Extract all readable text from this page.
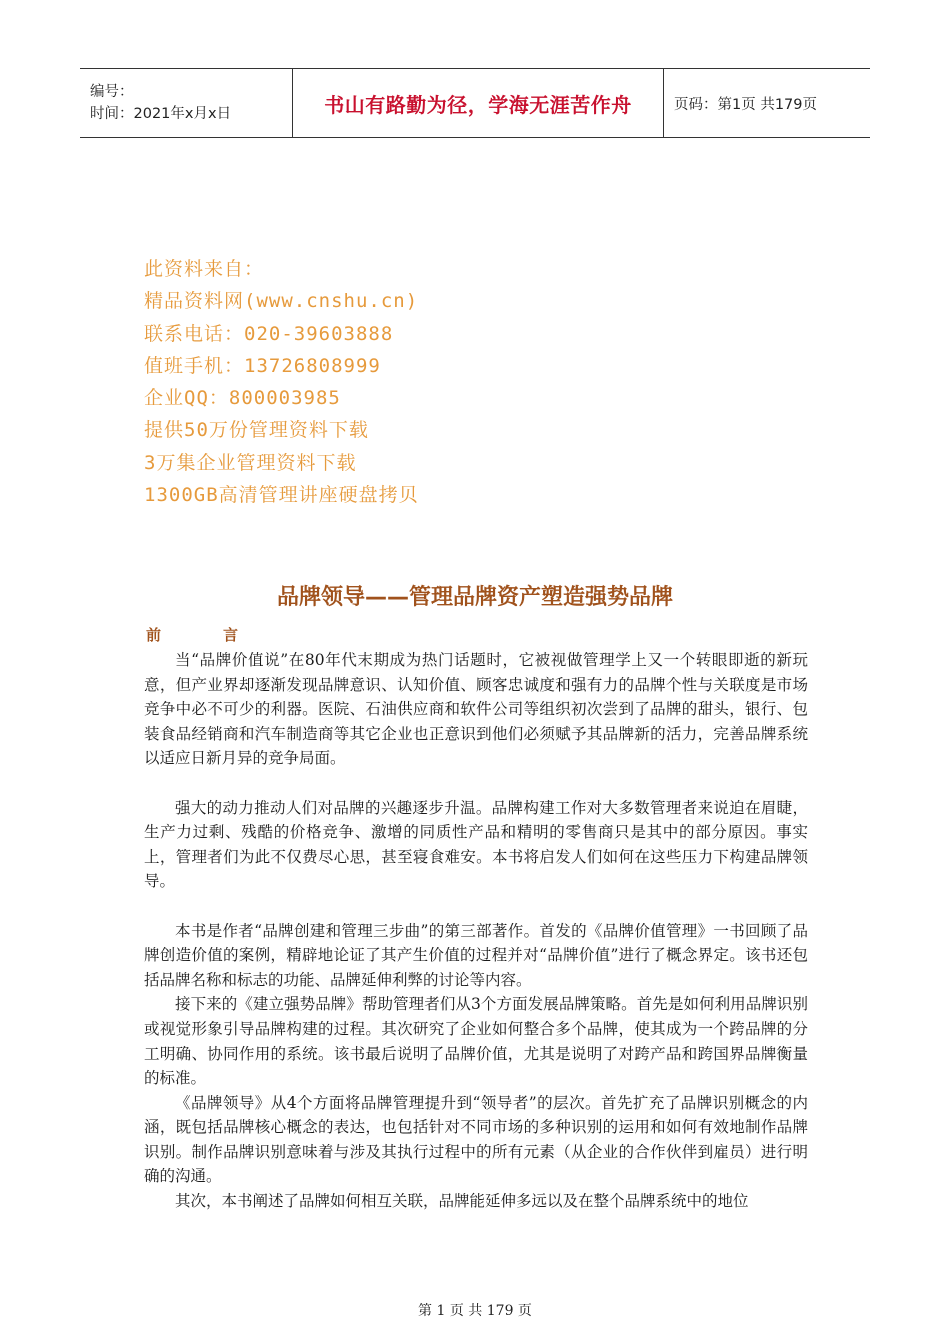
编号：
时间：2021年x月x日	书山有路勤为径，学海无涯苦作舟	页码：第1页 共179页
此资料来自：
精品资料网(www.cnshu.cn)
联系电话：020-39603888
值班手机：13726808999
企业QQ：800003985
提供50万份管理资料下载
3万集企业管理资料下载
1300GB高清管理讲座硬盘拷贝
品牌领导——管理品牌资产塑造强势品牌
前	言

当“品牌价值说”在80年代末期成为热门话题时，它被视做管理学上又一个转眼即逝的新玩意，但产业界却逐渐发现品牌意识、认知价值、顾客忠诚度和强有力的品牌个性与关联度是市场竞争中必不可少的利器。医院、石油供应商和软件公司等组织初次尝到了品牌的甜头，银行、包装食品经销商和汽车制造商等其它企业也正意识到他们必须赋予其品牌新的活力，完善品牌系统以适应日新月异的竞争局面。

强大的动力推动人们对品牌的兴趣逐步升温。品牌构建工作对大多数管理者来说迫在眉睫，生产力过剩、残酷的价格竞争、激增的同质性产品和精明的零售商只是其中的部分原因。事实上，管理者们为此不仅费尽心思，甚至寝食难安。本书将启发人们如何在这些压力下构建品牌领导。

本书是作者“品牌创建和管理三步曲”的第三部著作。首发的《品牌价值管理》一书回顾了品牌创造价值的案例，精辟地论证了其产生价值的过程并对“品牌价值”进行了概念界定。该书还包括品牌名称和标志的功能、品牌延伸利弊的讨论等内容。

接下来的《建立强势品牌》帮助管理者们从3个方面发展品牌策略。首先是如何利用品牌识别或视觉形象引导品牌构建的过程。其次研究了企业如何整合多个品牌，使其成为一个跨品牌的分工明确、协同作用的系统。该书最后说明了品牌价值，尤其是说明了对跨产品和跨国界品牌衡量的标准。

《品牌领导》从4个方面将品牌管理提升到“领导者”的层次。首先扩充了品牌识别概念的内涵，既包括品牌核心概念的表达，也包括针对不同市场的多种识别的运用和如何有效地制作品牌识别。制作品牌识别意味着与涉及其执行过程中的所有元素（从企业的合作伙伴到雇员）进行明确的沟通。

其次，本书阐述了品牌如何相互关联，品牌能延伸多远以及在整个品牌系统中的地位

第 1 页 共 179 页
